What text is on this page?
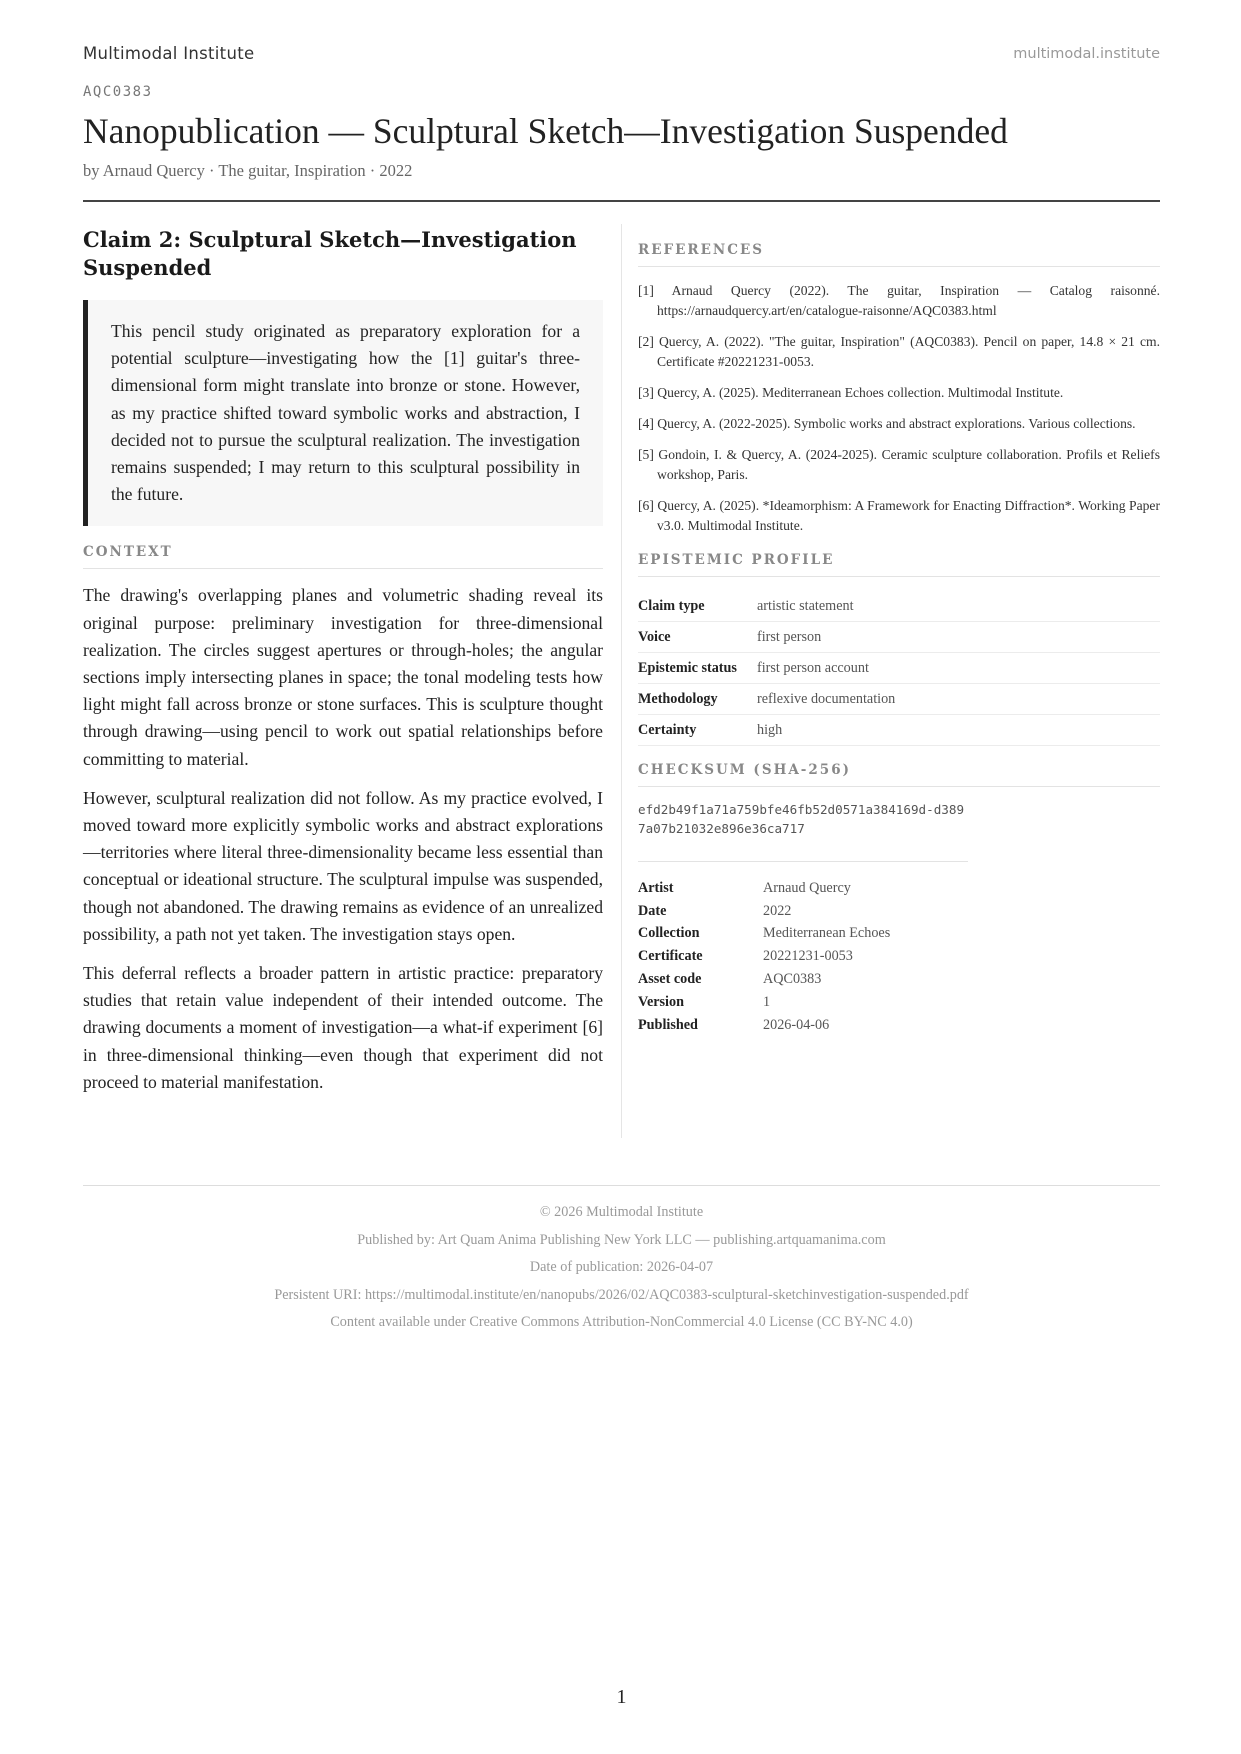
Multimodal Institute	multimodal.institute
AQC0383
Nanopublication — Sculptural Sketch—Investigation Suspended
by Arnaud Quercy · The guitar, Inspiration · 2022
Claim 2: Sculptural Sketch—Investigation Suspended
This pencil study originated as preparatory exploration for a potential sculpture—investigating how the [1] guitar's three-dimensional form might translate into bronze or stone. However, as my practice shifted toward symbolic works and abstraction, I decided not to pursue the sculptural realization. The investigation remains suspended; I may return to this sculptural possibility in the future.
CONTEXT

The drawing's overlapping planes and volumetric shading reveal its original purpose: preliminary investigation for three-dimensional realization. The circles suggest apertures or through-holes; the angular sections imply intersecting planes in space; the tonal modeling tests how light might fall across bronze or stone surfaces. This is sculpture thought through drawing—using pencil to work out spatial relationships before committing to material.

However, sculptural realization did not follow. As my practice evolved, I moved toward more explicitly symbolic works and abstract explorations—territories where literal three-dimensionality became less essential than conceptual or ideational structure. The sculptural impulse was suspended, though not abandoned. The drawing remains as evidence of an unrealized possibility, a path not yet taken. The investigation stays open.

This deferral reflects a broader pattern in artistic practice: preparatory studies that retain value independent of their intended outcome. The drawing documents a moment of investigation—a what-if experiment [6] in three-dimensional thinking—even though that experiment did not proceed to material manifestation.

REFERENCES
[1] Arnaud Quercy (2022). The guitar, Inspiration — Catalog raisonné. https://arnaudquercy.art/en/catalogue-raisonne/AQC0383.html
[2] Quercy, A. (2022). "The guitar, Inspiration" (AQC0383). Pencil on paper, 14.8 × 21 cm. Certificate #20221231-0053.
[3] Quercy, A. (2025). Mediterranean Echoes collection. Multimodal Institute.
[4] Quercy, A. (2022-2025). Symbolic works and abstract explorations. Various collections.
[5] Gondoin, I. & Quercy, A. (2024-2025). Ceramic sculpture collaboration. Profils et Reliefs workshop, Paris.
[6] Quercy, A. (2025). *Ideamorphism: A Framework for Enacting Diffraction*. Working Paper v3.0. Multimodal Institute.
EPISTEMIC PROFILE
Claim type	artistic statement
Voice	first person
Epistemic status	first person account
Methodology	reflexive documentation
Certainty	high
CHECKSUM (SHA-256)
efd2b49f1a71a759bfe46fb52d0571a384169d-d3897a07b21032e896e36ca717
Artist	Arnaud Quercy
Date	2022
Collection	Mediterranean Echoes
Certificate	20221231-0053
Asset code	AQC0383
Version	1
Published	2026-04-06
© 2026 Multimodal Institute
Published by: Art Quam Anima Publishing New York LLC — publishing.artquamanima.com
Date of publication: 2026-04-07
Persistent URI: https://multimodal.institute/en/nanopubs/2026/02/AQC0383-sculptural-sketchinvestigation-suspended.pdf
Content available under Creative Commons Attribution-NonCommercial 4.0 License (CC BY-NC 4.0)
1
